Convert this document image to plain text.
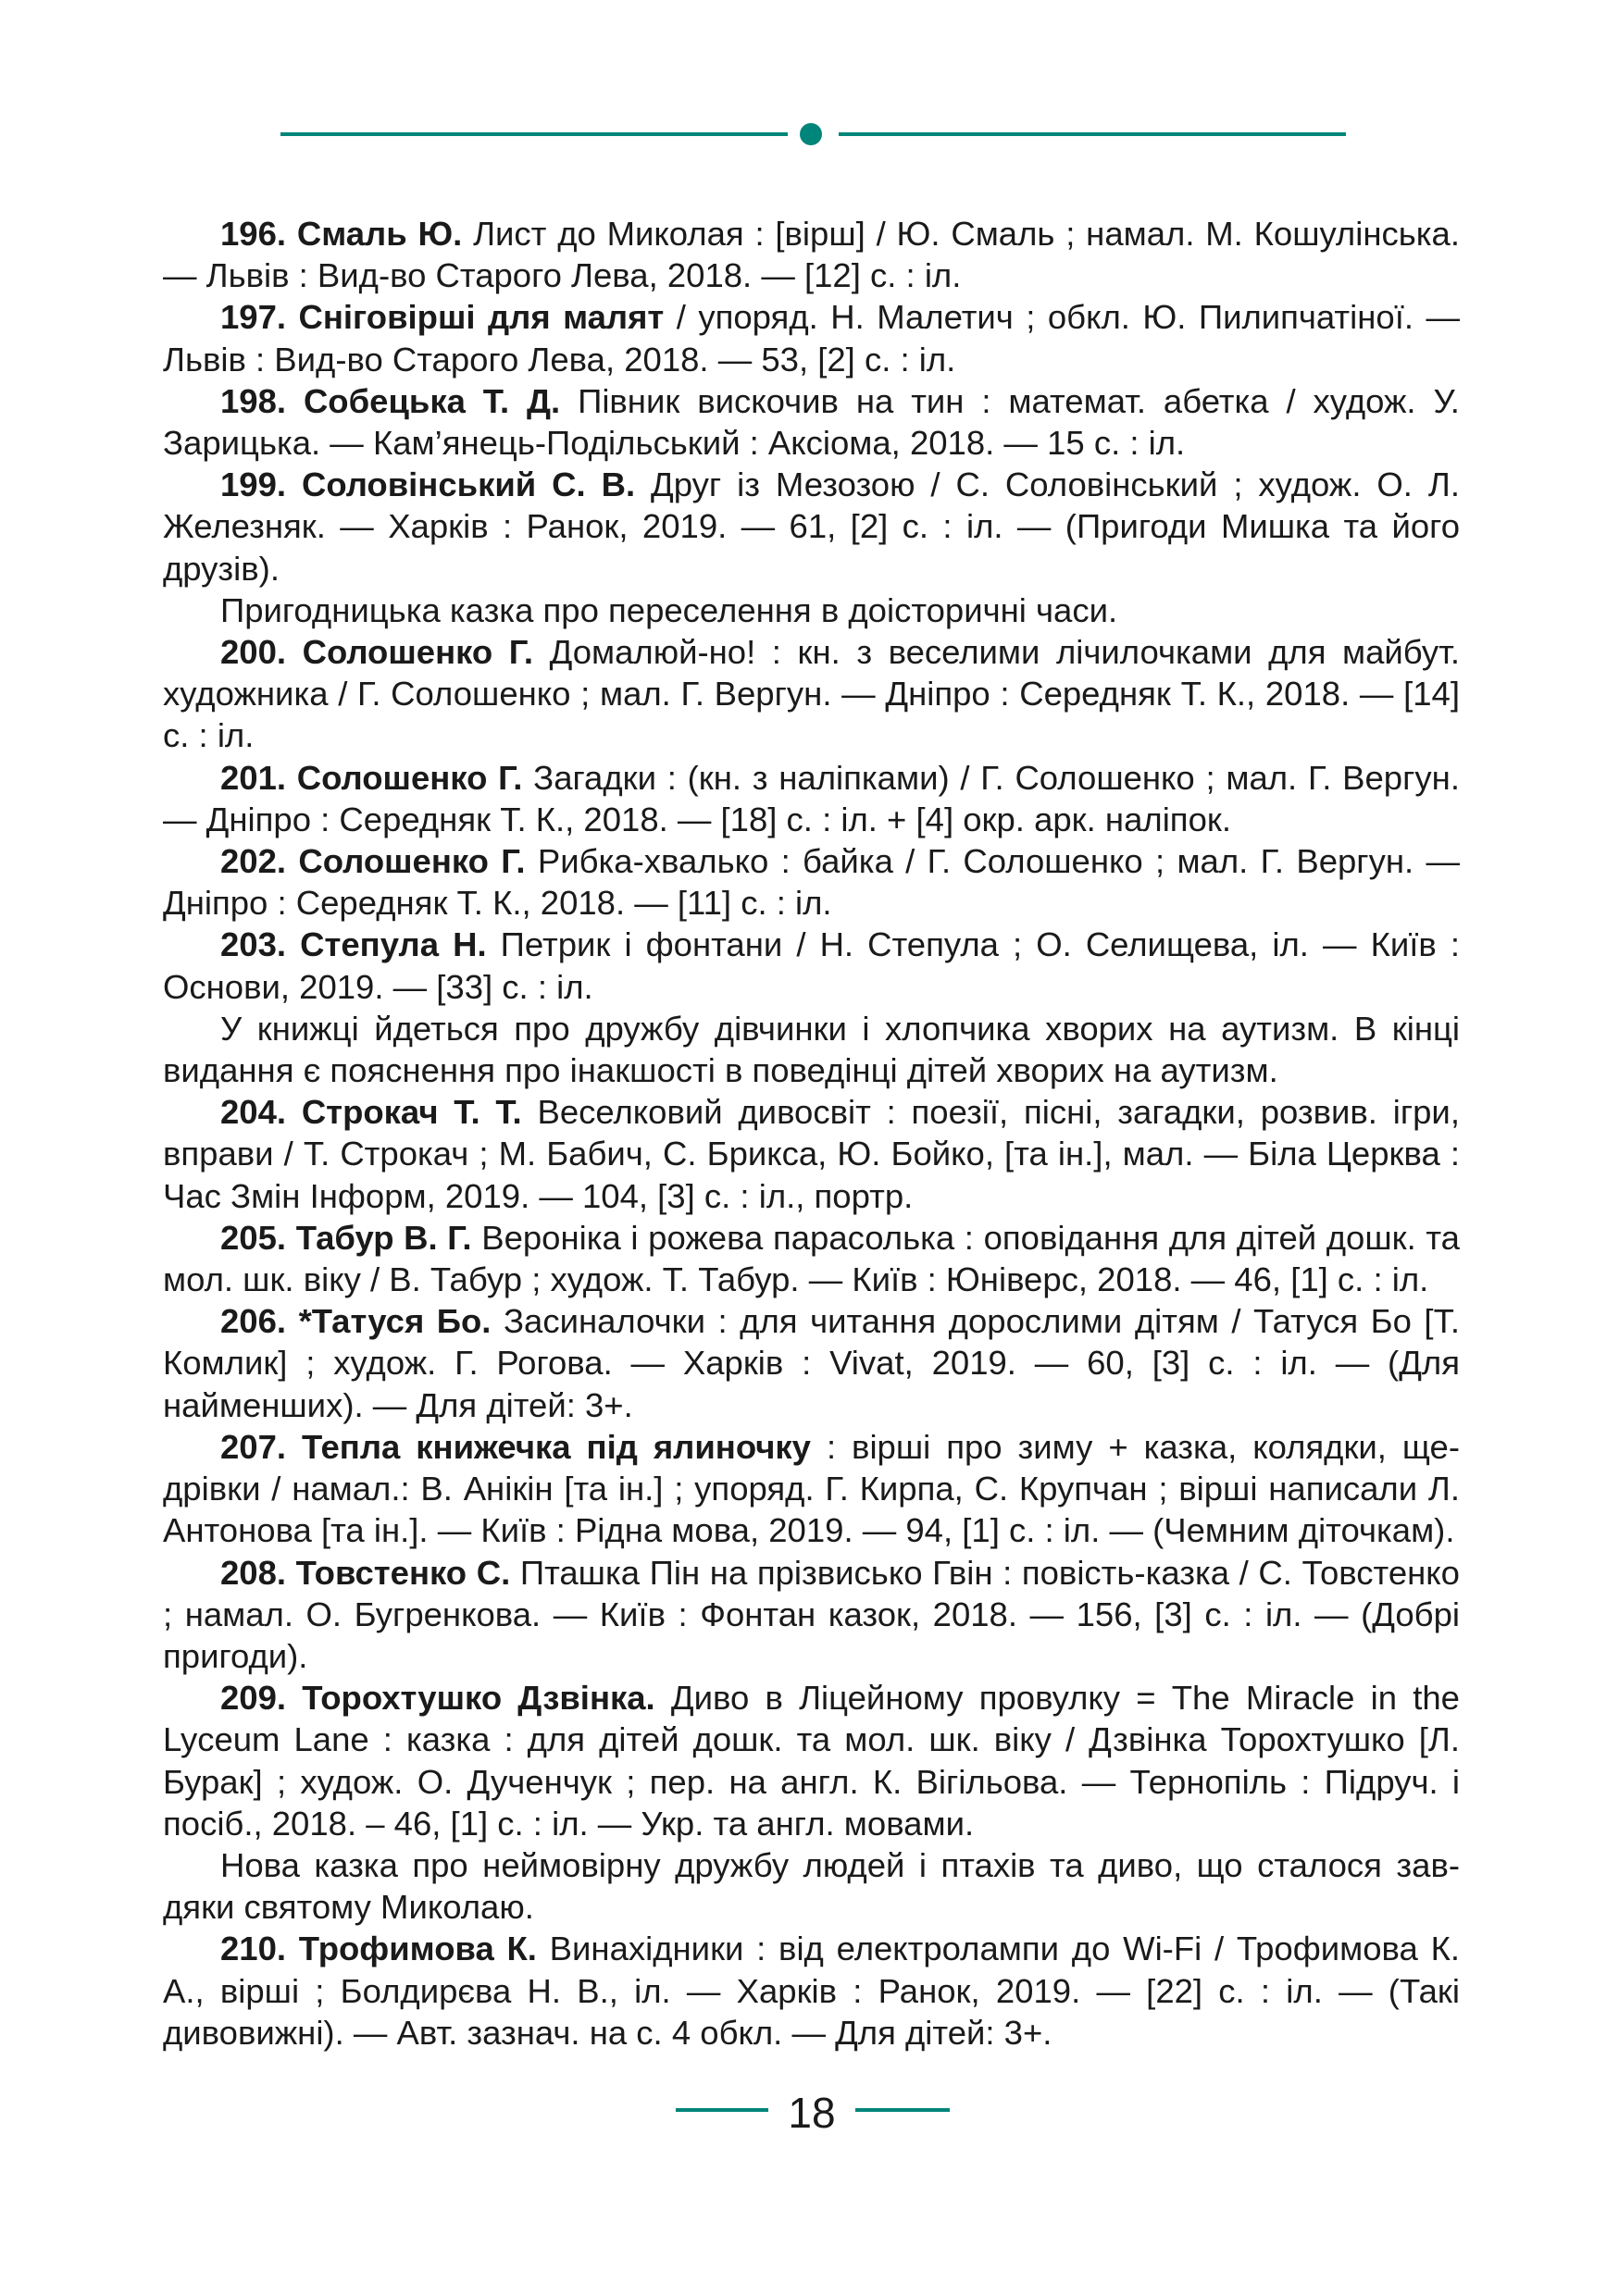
196. Смаль Ю. Лист до Миколая : [вірш] / Ю. Смаль ; намал. М. Кошулінська. — Львів : Вид-во Старого Лева, 2018. — [12] с. : іл.

197. Сніговірші для малят / упоряд. Н. Малетич ; обкл. Ю. Пилипчатіної. — Львів : Вид-во Старого Лева, 2018. — 53, [2] с. : іл.

198. Собецька Т. Д. Півник вискочив на тин : математ. абетка / худож. У. Зарицька. — Кам’янець-Подільський : Аксіома, 2018. — 15 с. : іл.

199. Соловінський С. В. Друг із Мезозою / С. Соловінський ; худож. О. Л. Железняк. — Харків : Ранок, 2019. — 61, [2] с. : іл. — (Пригоди Мишка та його друзів).

Пригодницька казка про переселення в доісторичні часи.

200. Солошенко Г. Домалюй-но! : кн. з веселими лічилочками для майбут. художника / Г. Солошенко ; мал. Г. Вергун. — Дніпро : Середняк Т. К., 2018. — [14] с. : іл.

201. Солошенко Г. Загадки : (кн. з наліпками) / Г. Солошенко ; мал. Г. Вергун. — Дніпро : Середняк Т. К., 2018. — [18] с. : іл. + [4] окр. арк. наліпок.

202. Солошенко Г. Рибка-хвалько : байка / Г. Солошенко ; мал. Г. Вергун. — Дніпро : Середняк Т. К., 2018. — [11] с. : іл.

203. Степула Н. Петрик і фонтани / Н. Степула ; О. Селищева, іл. — Київ : Основи, 2019. — [33] с. : іл.

У книжці йдеться про дружбу дівчинки і хлопчика хворих на аутизм. В кінці видання є пояснення про інакшості в поведінці дітей хворих на аутизм.

204. Строкач Т. Т. Веселковий дивосвіт : поезії, пісні, загадки, розвив. ігри, вправи / Т. Строкач ; М. Бабич, С. Брикса, Ю. Бойко, [та ін.], мал. — Біла Церква : Час Змін Інформ, 2019. — 104, [3] с. : іл., портр.

205. Табур В. Г. Вероніка і рожева парасолька : оповідання для дітей дошк. та мол. шк. віку / В. Табур ; худож. Т. Табур. — Київ : Юніверс, 2018. — 46, [1] с. : іл.

206. *Татуся Бо. Засиналочки : для читання дорослими дітям / Татуся Бо [Т. Комлик] ; худож. Г. Рогова. — Харків : Vivat, 2019. — 60, [3] с. : іл. — (Для найменших). — Для дітей: 3+.

207. Тепла книжечка під ялиночку : вірші про зиму + казка, колядки, щедрівки / намал.: В. Анікін [та ін.] ; упоряд. Г. Кирпа, С. Крупчан ; вірші написали Л. Антонова [та ін.]. — Київ : Рідна мова, 2019. — 94, [1] с. : іл. — (Чемним діточкам).

208. Товстенко С. Пташка Пін на прізвисько Гвін : повість-казка / С. Товстенко ; намал. О. Бугренкова. — Київ : Фонтан казок, 2018. — 156, [3] с. : іл. — (Добрі пригоди).

209. Торохтушко Дзвінка. Диво в Ліцейному провулку = The Miracle in the Lyceum Lane : казка : для дітей дошк. та мол. шк. віку / Дзвінка Торохтушко [Л. Бурак] ; худож. О. Дученчук ; пер. на англ. К. Вігільова. — Тернопіль : Підруч. і посіб., 2018. – 46, [1] с. : іл. — Укр. та англ. мовами.

Нова казка про неймовірну дружбу людей і птахів та диво, що сталося завдяки святому Миколаю.

210. Трофимова К. Винахідники : від електролампи до Wi-Fi / Трофимова К. А., вірші ; Болдирєва Н. В., іл. — Харків : Ранок, 2019. — [22] с. : іл. — (Такі дивовижні). — Авт. зазнач. на с. 4 обкл. — Для дітей: 3+.

18
